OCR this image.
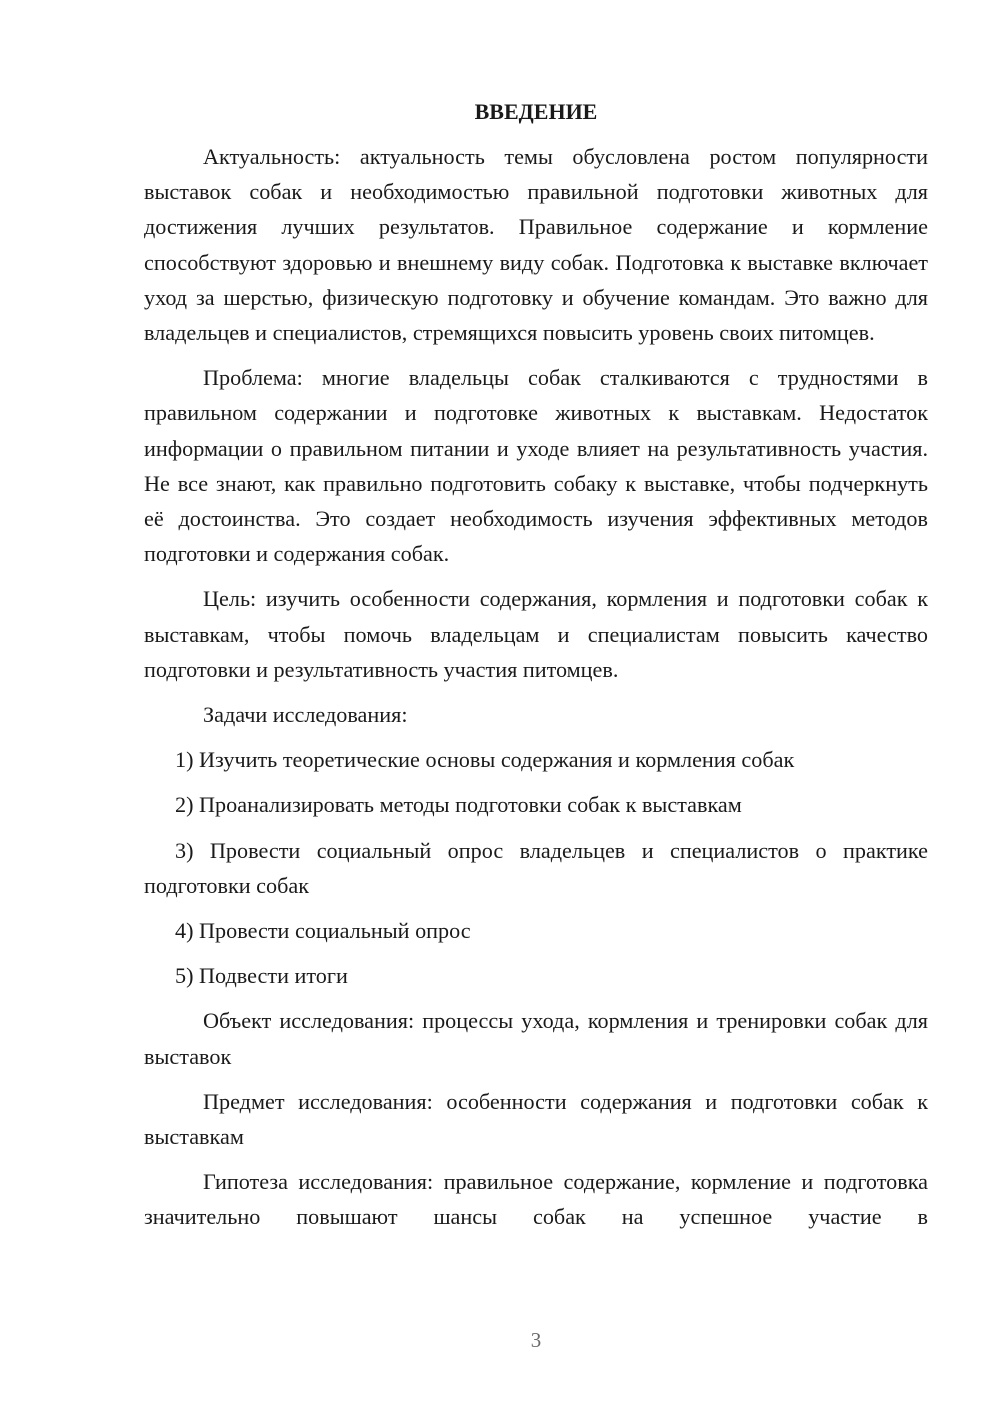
ВВЕДЕНИЕ

Актуальность: актуальность темы обусловлена ростом популярности выставок собак и необходимостью правильной подготовки животных для достижения лучших результатов. Правильное содержание и кормление способствуют здоровью и внешнему виду собак. Подготовка к выставке включает уход за шерстью, физическую подготовку и обучение командам. Это важно для владельцев и специалистов, стремящихся повысить уровень своих питомцев.

Проблема: многие владельцы собак сталкиваются с трудностями в правильном содержании и подготовке животных к выставкам. Недостаток информации о правильном питании и уходе влияет на результативность участия. Не все знают, как правильно подготовить собаку к выставке, чтобы подчеркнуть её достоинства. Это создает необходимость изучения эффективных методов подготовки и содержания собак.

Цель: изучить особенности содержания, кормления и подготовки собак к выставкам, чтобы помочь владельцам и специалистам повысить качество подготовки и результативность участия питомцев.

Задачи исследования:

1) Изучить теоретические основы содержания и кормления собак

2) Проанализировать методы подготовки собак к выставкам

3) Провести социальный опрос владельцев и специалистов о практике подготовки собак

4) Провести социальный опрос

5) Подвести итоги

Объект исследования: процессы ухода, кормления и тренировки собак для выставок

Предмет исследования: особенности содержания и подготовки собак к выставкам

Гипотеза исследования: правильное содержание, кормление и подготовка значительно повышают шансы собак на успешное участие в

3
